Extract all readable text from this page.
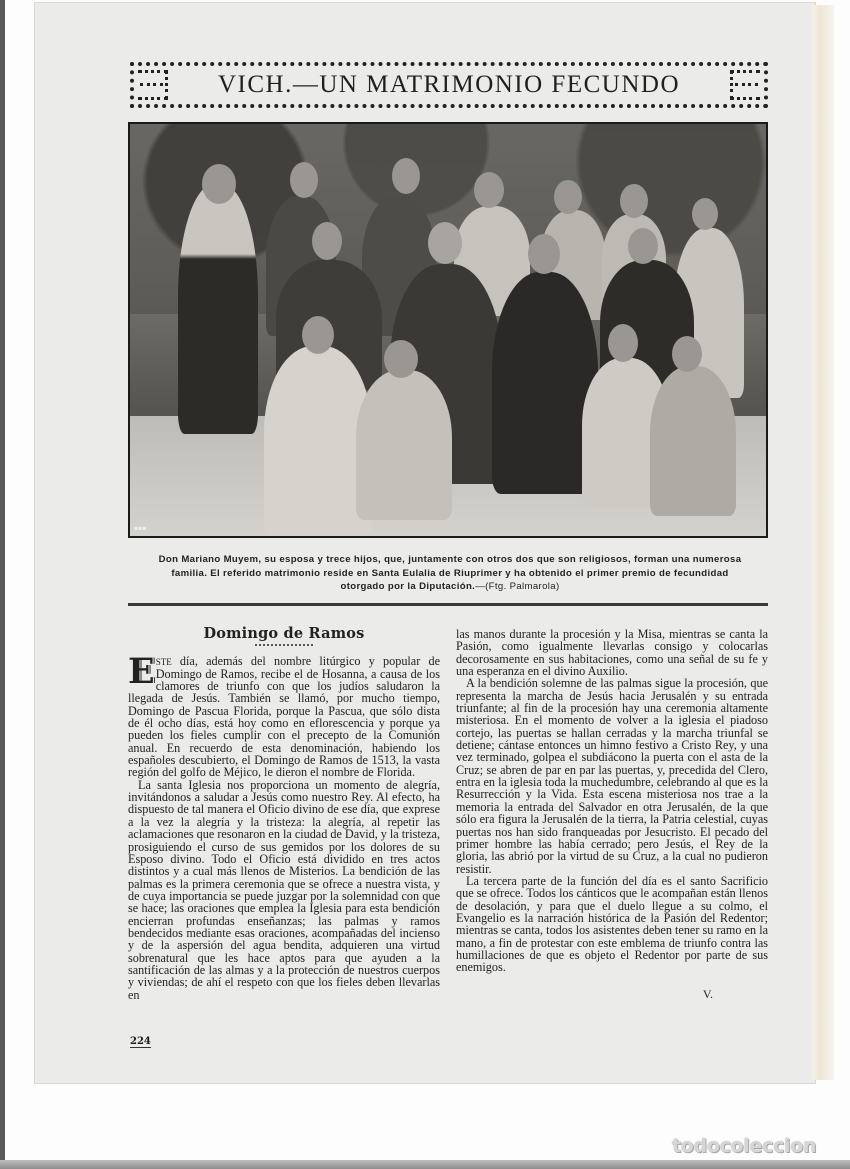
VICH.—UN MATRIMONIO FECUNDO
▪▪▪
Don Mariano Muyem, su esposa y trece hijos, que, juntamente con otros dos que son religiosos, forman una numerosa familia. El referido matrimonio reside en Santa Eulalia de Riuprimer y ha obtenido el primer premio de fecundidad otorgado por la Diputación.—(Ftg. Palmarola)
Domingo de Ramos

Este día, además del nombre litúrgico y popular de Domingo de Ramos, recibe el de Hosanna, a causa de los clamores de triunfo con que los judíos saludaron la llegada de Jesús. También se llamó, por mucho tiempo, Domingo de Pascua Florida, porque la Pascua, que sólo dista de él ocho días, está hoy como en eflorescencia y porque ya pueden los fieles cumplir con el precepto de la Comunión anual. En recuerdo de esta denominación, habiendo los españoles descubierto, el Domingo de Ramos de 1513, la vasta región del golfo de Méjico, le dieron el nombre de Florida.

La santa Iglesia nos proporciona un momento de alegría, invitándonos a saludar a Jesús como nuestro Rey. Al efecto, ha dispuesto de tal manera el Oficio divino de ese día, que exprese a la vez la alegría y la tristeza: la alegría, al repetir las aclamaciones que resonaron en la ciudad de David, y la tristeza, prosiguiendo el curso de sus gemidos por los dolores de su Esposo divino. Todo el Oficio está dividido en tres actos distintos y a cual más llenos de Misterios. La bendición de las palmas es la primera ceremonia que se ofrece a nuestra vista, y de cuya importancia se puede juzgar por la solemnidad con que se hace; las oraciones que emplea la Iglesia para esta bendición encierran profundas enseñanzas; las palmas y ramos bendecidos mediante esas oraciones, acompañadas del incienso y de la aspersión del agua bendita, adquieren una virtud sobrenatural que les hace aptos para que ayuden a la santificación de las almas y a la protección de nuestros cuerpos y viviendas; de ahí el respeto con que los fieles deben llevarlas en

las manos durante la procesión y la Misa, mientras se canta la Pasión, como igualmente llevarlas consigo y colocarlas decorosamente en sus habitaciones, como una señal de su fe y una esperanza en el divino Auxilio.

A la bendición solemne de las palmas sigue la procesión, que representa la marcha de Jesús hacia Jerusalén y su entrada triunfante; al fin de la procesión hay una ceremonia altamente misteriosa. En el momento de volver a la iglesia el piadoso cortejo, las puertas se hallan cerradas y la marcha triunfal se detiene; cántase entonces un himno festivo a Cristo Rey, y una vez terminado, golpea el subdiácono la puerta con el asta de la Cruz; se abren de par en par las puertas, y, precedida del Clero, entra en la iglesia toda la muchedumbre, celebrando al que es la Resurrección y la Vida. Esta escena misteriosa nos trae a la memoria la entrada del Salvador en otra Jerusalén, de la que sólo era figura la Jerusalén de la tierra, la Patria celestial, cuyas puertas nos han sido franqueadas por Jesucristo. El pecado del primer hombre las había cerrado; pero Jesús, el Rey de la gloria, las abrió por la virtud de su Cruz, a la cual no pudieron resistir.

La tercera parte de la función del día es el santo Sacrificio que se ofrece. Todos los cánticos que le acompañan están llenos de desolación, y para que el duelo llegue a su colmo, el Evangelio es la narración histórica de la Pasión del Redentor; mientras se canta, todos los asistentes deben tener su ramo en la mano, a fin de protestar con este emblema de triunfo contra las humillaciones de que es objeto el Redentor por parte de sus enemigos.

V.
224
todocoleccion
